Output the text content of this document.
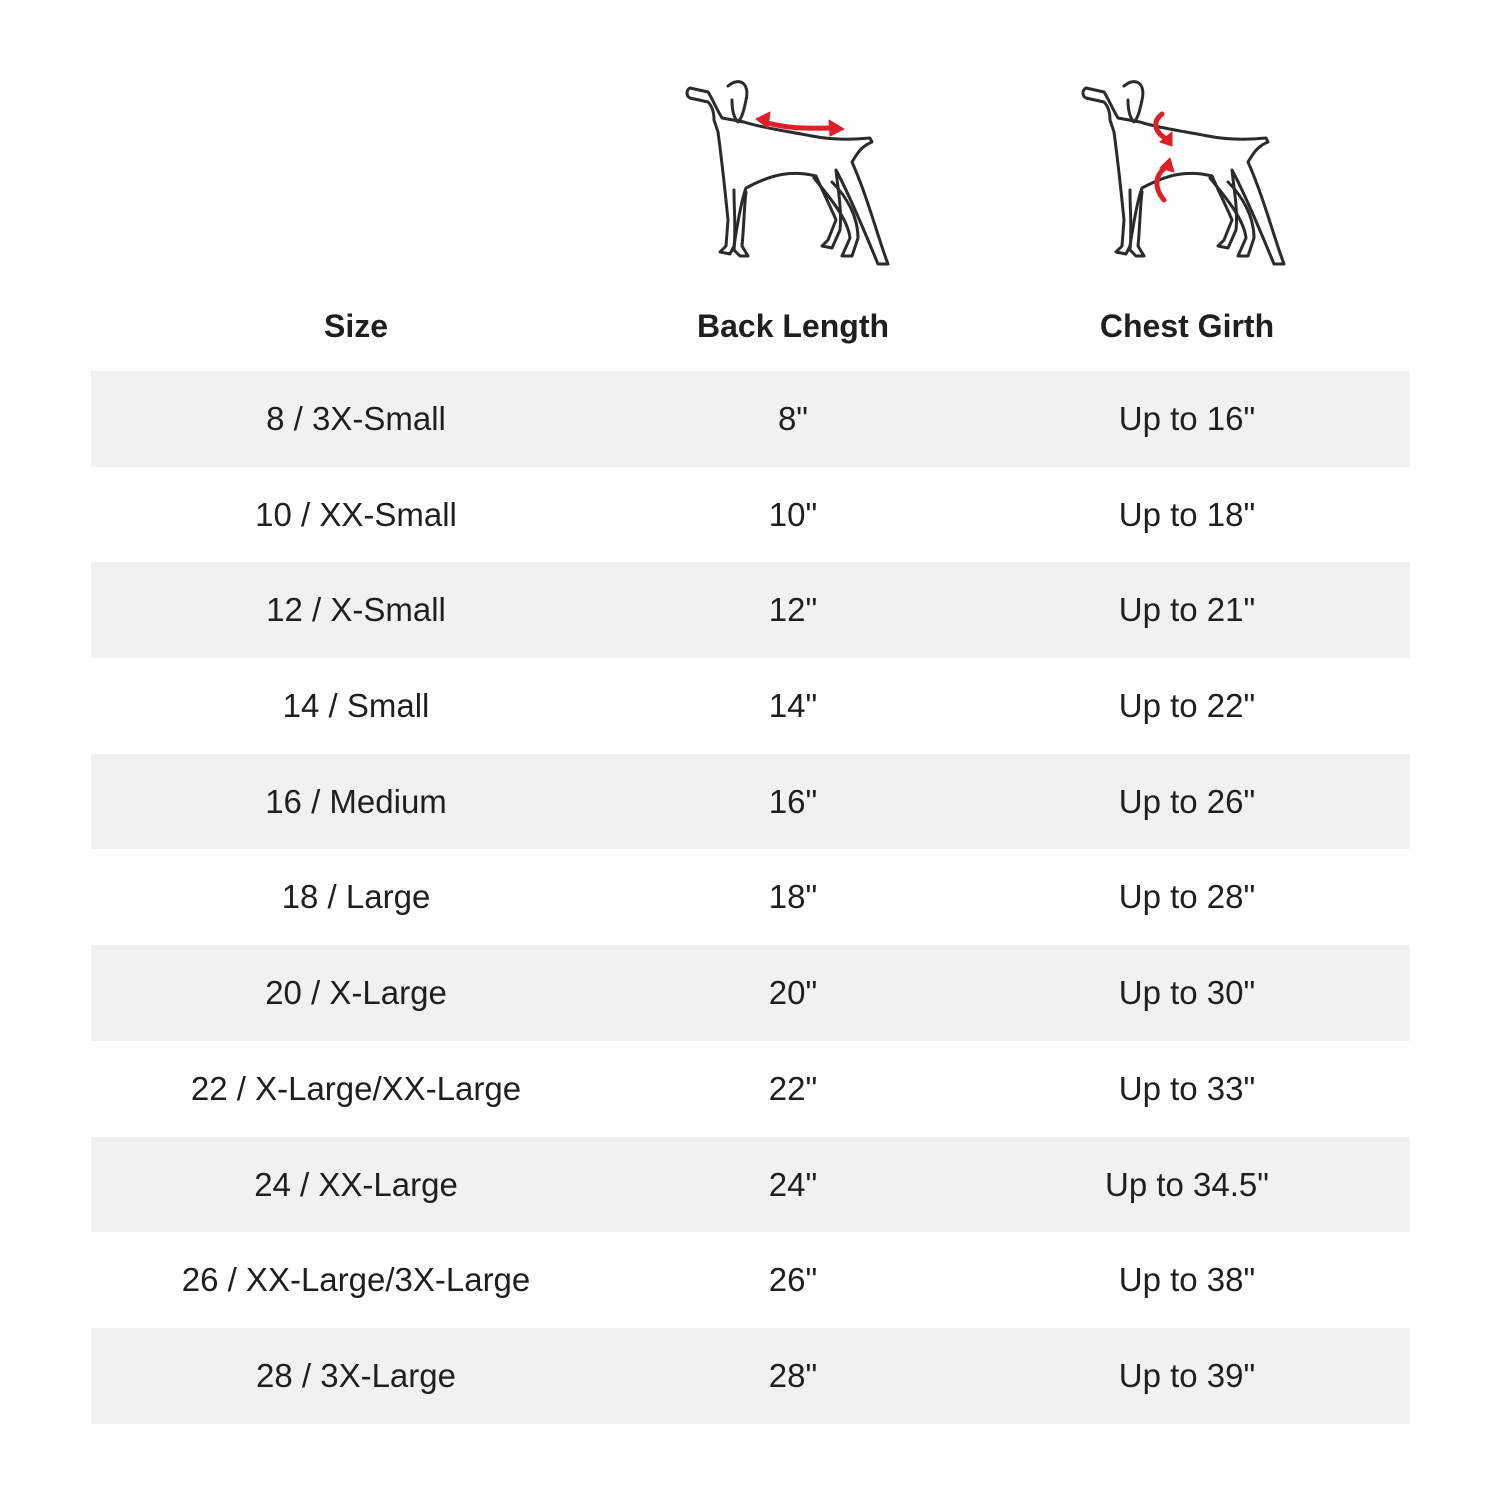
Size	Back Length	Chest Girth
8 / 3X-Small	8"	Up to 16"
10 / XX-Small	10"	Up to 18"
12 / X-Small	12"	Up to 21"
14 / Small	14"	Up to 22"
16 / Medium	16"	Up to 26"
18 / Large	18"	Up to 28"
20 / X-Large	20"	Up to 30"
22 / X-Large/XX-Large	22"	Up to 33"
24 / XX-Large	24"	Up to 34.5"
26 / XX-Large/3X-Large	26"	Up to 38"
28 / 3X-Large	28"	Up to 39"
